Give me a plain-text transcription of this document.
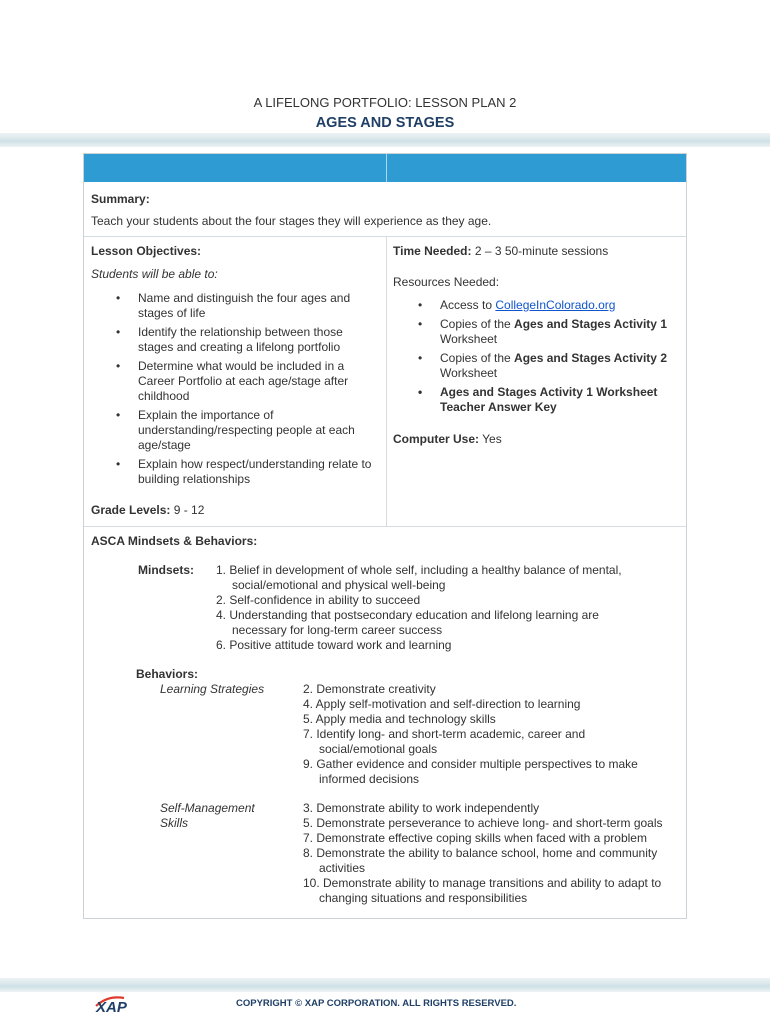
A LIFELONG PORTFOLIO: LESSON PLAN 2
AGES AND STAGES
Summary:
Teach your students about the four stages they will experience as they age.
Lesson Objectives:
Students will be able to:
• Name and distinguish the four ages and stages of life
• Identify the relationship between those stages and creating a lifelong portfolio
• Determine what would be included in a Career Portfolio at each age/stage after childhood
• Explain the importance of understanding/respecting people at each age/stage
• Explain how respect/understanding relate to building relationships
Grade Levels: 9 - 12
Time Needed: 2 – 3 50-minute sessions
Resources Needed:
• Access to CollegeInColorado.org
• Copies of the Ages and Stages Activity 1
Worksheet
• Copies of the Ages and Stages Activity 2
Worksheet
• Ages and Stages Activity 1 Worksheet Teacher Answer Key
Computer Use: Yes
ASCA Mindsets & Behaviors:
Mindsets: 1. Belief in development of whole self, including a healthy balance of mental, social/emotional and physical well-being
2. Self-confidence in ability to succeed
4. Understanding that postsecondary education and lifelong learning are necessary for long-term career success
6. Positive attitude toward work and learning
Behaviors:
Learning Strategies	2. Demonstrate creativity
4. Apply self-motivation and self-direction to learning
5. Apply media and technology skills
7. Identify long- and short-term academic, career and social/emotional goals
9. Gather evidence and consider multiple perspectives to make informed decisions
Self-Management Skills
3. Demonstrate ability to work independently
5. Demonstrate perseverance to achieve long- and short-term goals
7. Demonstrate effective coping skills when faced with a problem
8. Demonstrate the ability to balance school, home and community activities
10. Demonstrate ability to manage transitions and ability to adapt to changing situations and responsibilities
XAP	COPYRIGHT © XAP CORPORATION. ALL RIGHTS RESERVED.
